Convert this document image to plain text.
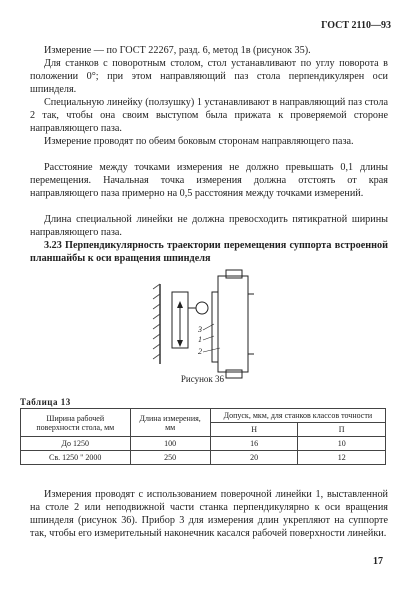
ГОСТ 2110—93

Измерение — по ГОСТ 22267, разд. 6, метод 1в (рисунок 35).

Для станков с поворотным столом, стол устанавливают по углу поворота в положении 0°; при этом направляющий паз стола перпендикулярен оси шпинделя.

Специальную линейку (ползушку) 1 устанавливают в направляющий паз стола 2 так, чтобы она своим выступом была прижата к проверяемой стороне направляющего паза.

Измерение проводят по обеим боковым сторонам направляющего паза.

Расстояние между точками измерения не должно превышать 0,1 длины перемещения. Начальная точка измерения должна отстоять от края направляющего паза примерно на 0,5 расстояния между точками измерений.

Длина специальной линейки не должна превосходить пятикратной ширины направляющего паза.

3.23 Перпендикулярность траектории перемещения суппорта встроенной планшайбы к оси вращения шпинделя

3
1
2
Рисунок 36
Таблица 13
Ширина рабочей поверхности стола, мм	Длина измерения, мм	Допуск, мкм, для станков классов точности	
		Н	П
До 1250	100	16	10
Св. 1250 " 2000	250	20	12

Измерения проводят с использованием поверочной линейки 1, выставленной на столе 2 или неподвижной части станка перпендикулярно к оси вращения шпинделя (рисунок 36). Прибор 3 для измерения длин укрепляют на суппорте так, чтобы его измерительный наконечник касался рабочей поверхности линейки.

17
